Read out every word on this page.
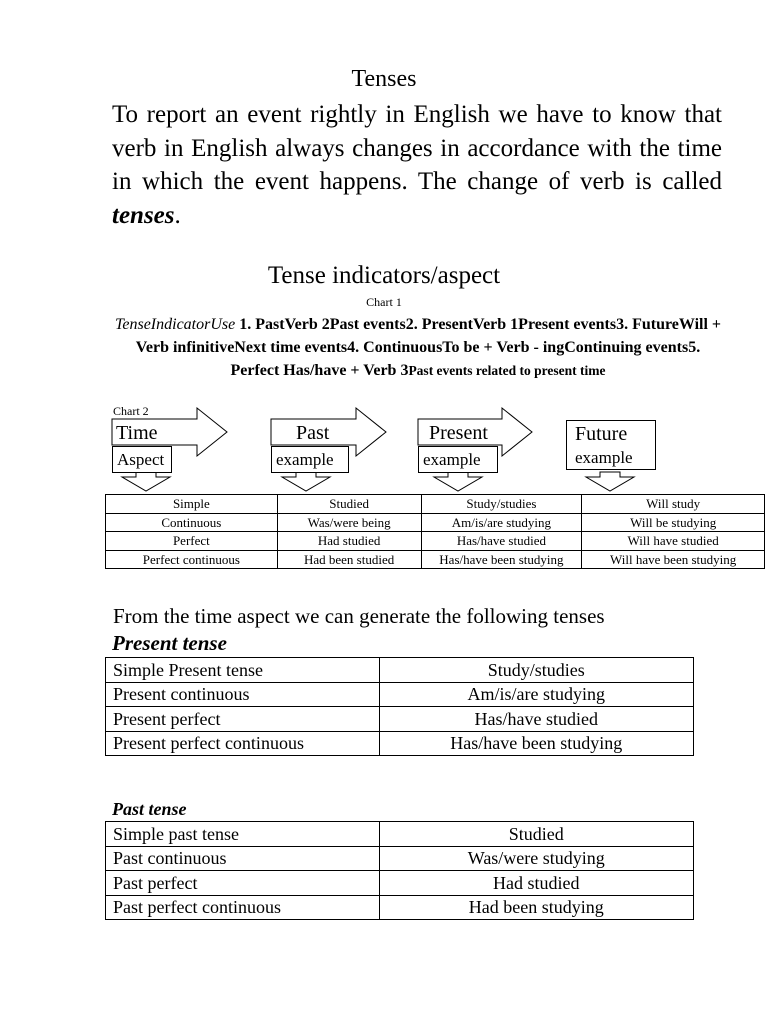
Tenses
To report an event rightly in English we have to know that verb in English always changes in accordance with the time in which the event happens. The change of verb is called tenses.
Tense indicators/aspect
Chart 1
TenseIndicatorUse 1. PastVerb 2Past events2. PresentVerb 1Present events3. FutureWill + Verb infinitiveNext time events4. ContinuousTo be + Verb - ingContinuing events5. Perfect Has/have + Verb 3Past events related to present time
Chart 2
Time
Aspect
Past
example
Present
example
Future
example
Simple	Studied	Study/studies	Will study
Continuous	Was/were being	Am/is/are studying	Will be studying
Perfect	Had studied	Has/have studied	Will have studied
Perfect continuous	Had been studied	Has/have been studying	Will have been studying
From the time aspect we can generate the following tenses
Present tense
Simple Present tense	Study/studies
Present continuous	Am/is/are studying
Present perfect	Has/have studied
Present perfect continuous	Has/have been studying
Past tense
Simple past tense	Studied
Past continuous	Was/were studying
Past perfect	Had studied
Past perfect continuous	Had been studying
